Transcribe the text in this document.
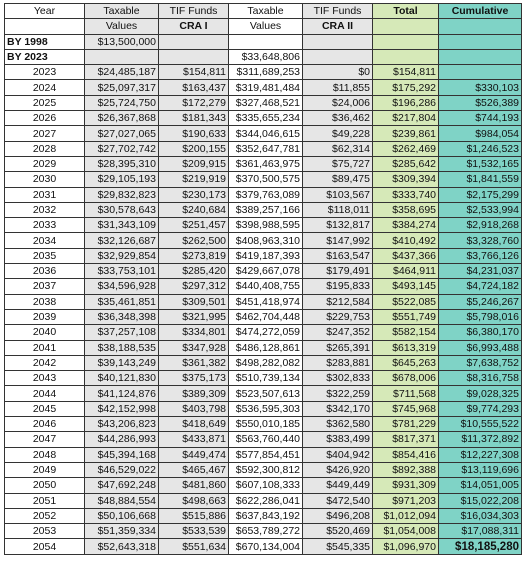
Year	Taxable	TIF Funds	Taxable	TIF Funds	Total	Cumulative
	Values	CRA I	Values	CRA II		
BY 1998	$13,500,000					
BY 2023			$33,648,806			
2023	$24,485,187	$154,811	$311,689,253	$0	$154,811	
2024	$25,097,317	$163,437	$319,481,484	$11,855	$175,292	$330,103
2025	$25,724,750	$172,279	$327,468,521	$24,006	$196,286	$526,389
2026	$26,367,868	$181,343	$335,655,234	$36,462	$217,804	$744,193
2027	$27,027,065	$190,633	$344,046,615	$49,228	$239,861	$984,054
2028	$27,702,742	$200,155	$352,647,781	$62,314	$262,469	$1,246,523
2029	$28,395,310	$209,915	$361,463,975	$75,727	$285,642	$1,532,165
2030	$29,105,193	$219,919	$370,500,575	$89,475	$309,394	$1,841,559
2031	$29,832,823	$230,173	$379,763,089	$103,567	$333,740	$2,175,299
2032	$30,578,643	$240,684	$389,257,166	$118,011	$358,695	$2,533,994
2033	$31,343,109	$251,457	$398,988,595	$132,817	$384,274	$2,918,268
2034	$32,126,687	$262,500	$408,963,310	$147,992	$410,492	$3,328,760
2035	$32,929,854	$273,819	$419,187,393	$163,547	$437,366	$3,766,126
2036	$33,753,101	$285,420	$429,667,078	$179,491	$464,911	$4,231,037
2037	$34,596,928	$297,312	$440,408,755	$195,833	$493,145	$4,724,182
2038	$35,461,851	$309,501	$451,418,974	$212,584	$522,085	$5,246,267
2039	$36,348,398	$321,995	$462,704,448	$229,753	$551,749	$5,798,016
2040	$37,257,108	$334,801	$474,272,059	$247,352	$582,154	$6,380,170
2041	$38,188,535	$347,928	$486,128,861	$265,391	$613,319	$6,993,488
2042	$39,143,249	$361,382	$498,282,082	$283,881	$645,263	$7,638,752
2043	$40,121,830	$375,173	$510,739,134	$302,833	$678,006	$8,316,758
2044	$41,124,876	$389,309	$523,507,613	$322,259	$711,568	$9,028,325
2045	$42,152,998	$403,798	$536,595,303	$342,170	$745,968	$9,774,293
2046	$43,206,823	$418,649	$550,010,185	$362,580	$781,229	$10,555,522
2047	$44,286,993	$433,871	$563,760,440	$383,499	$817,371	$11,372,892
2048	$45,394,168	$449,474	$577,854,451	$404,942	$854,416	$12,227,308
2049	$46,529,022	$465,467	$592,300,812	$426,920	$892,388	$13,119,696
2050	$47,692,248	$481,860	$607,108,333	$449,449	$931,309	$14,051,005
2051	$48,884,554	$498,663	$622,286,041	$472,540	$971,203	$15,022,208
2052	$50,106,668	$515,886	$637,843,192	$496,208	$1,012,094	$16,034,303
2053	$51,359,334	$533,539	$653,789,272	$520,469	$1,054,008	$17,088,311
2054	$52,643,318	$551,634	$670,134,004	$545,335	$1,096,970	$18,185,280
